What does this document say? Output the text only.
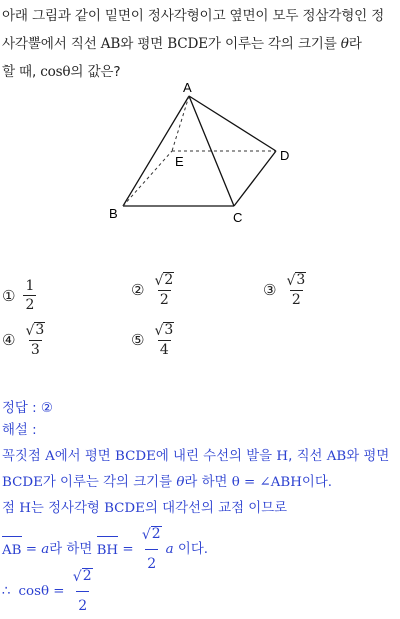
아래 그림과 같이 밑면이 정사각형이고 옆면이 모두 정삼각형인 정
사각뿔에서 직선 AB와 평면 BCDE가 이루는 각의 크기를 θ라
할 때, cosθ의 값은?
A
B	C
D
E
① $\frac{1}{2}$	② $\frac{√ 2}{2}$	③ $\frac{√ 3}{2}$
④ $\frac{√ 3}{3}$	⑤ $\frac{√ 3}{4}$
정답 : ②
해설 :
꼭짓점 A에서 평면 BCDE에 내린 수선의 발을 H, 직선 AB와 평면
BCDE가 이루는 각의 크기를 θ라 하면 θ = ∠ABH이다.
점 H는 정사각형 BCDE의 대각선의 교점 이므로
AB = a 라 하면 BH = $\frac{√ 2}{2}$ a 이다.
∴ $\cos\theta = \frac{√ 2}{2}$
